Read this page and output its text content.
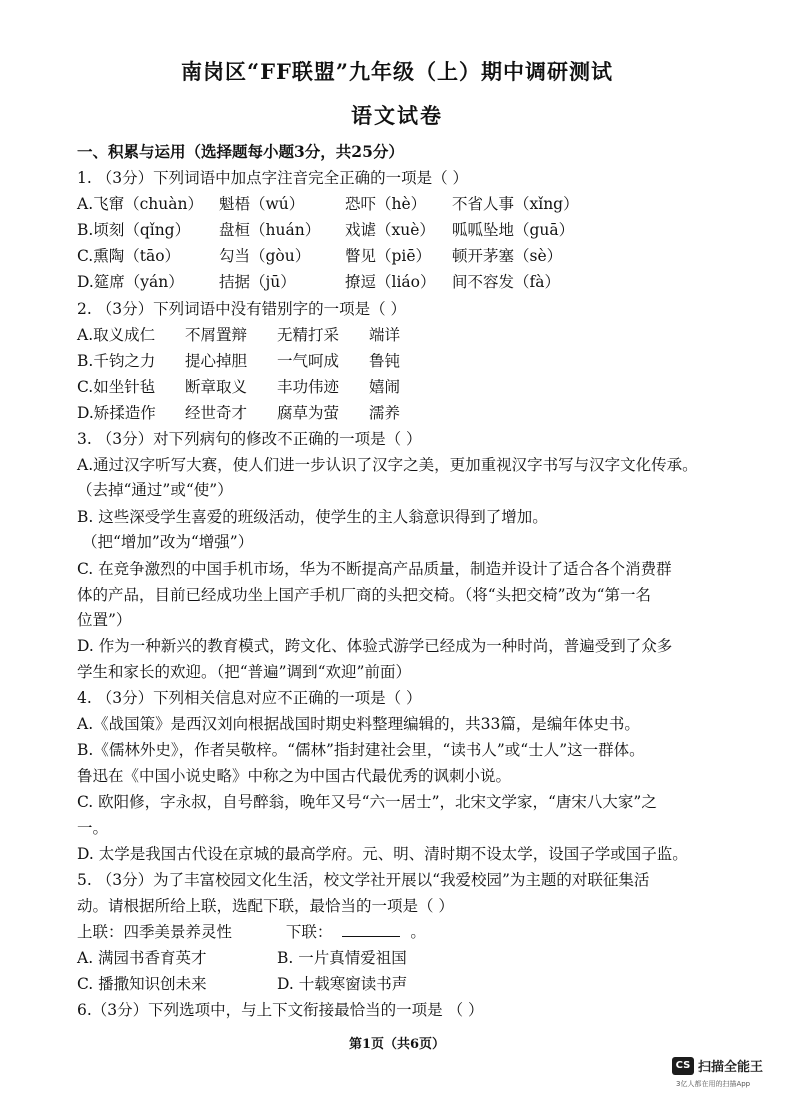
南岗区“FF联盟”九年级（上）期中调研测试
语文试卷
一、积累与运用（选择题每小题3分，共25分）
1. （3分）下列词语中加点字注音完全正确的一项是（ ）
A.飞窜（chuàn） 魁梧（wú）	恐吓（hè） 不省人事（xǐng）
B.顷刻（qǐng） 盘桓（huán） 戏谑（xuè） 呱呱坠地（guā）
C.熏陶（tāo）	勾当（gòu） 瞥见（piē） 顿开茅塞（sè）
D.筵席（yán） 拮据（jū）	撩逗（liáo） 间不容发（fà）
2. （3分）下列词语中没有错别字的一项是（ ）
A.取义成仁 不屑置辩 无精打采 端详
B.千钧之力 提心掉胆 一气呵成 鲁钝
C.如坐针毡 断章取义 丰功伟迹 嬉闹
D.矫揉造作 经世奇才 腐草为萤 濡养
3. （3分）对下列病句的修改不正确的一项是（ ）
A.通过汉字听写大赛，使人们进一步认识了汉字之美，更加重视汉字书写与汉字文化传承。
（去掉“通过”或“使”）
B. 这些深受学生喜爱的班级活动，使学生的主人翁意识得到了增加。
（把“增加”改为“增强”）
C. 在竞争激烈的中国手机市场，华为不断提高产品质量，制造并设计了适合各个消费群
体的产品，目前已经成功坐上国产手机厂商的头把交椅。（将“头把交椅”改为“第一名
位置”）
D. 作为一种新兴的教育模式，跨文化、体验式游学已经成为一种时尚，普遍受到了众多
学生和家长的欢迎。（把“普遍”调到“欢迎”前面）
4. （3分）下列相关信息对应不正确的一项是（ ）
A.《战国策》是西汉刘向根据战国时期史料整理编辑的，共33篇，是编年体史书。
B.《儒林外史》，作者吴敬梓。“儒林”指封建社会里，“读书人”或“士人”这一群体。
鲁迅在《中国小说史略》中称之为中国古代最优秀的讽刺小说。
C. 欧阳修，字永叔，自号醉翁，晚年又号“六一居士”，北宋文学家，“唐宋八大家”之
一。
D. 太学是我国古代设在京城的最高学府。元、明、清时期不设太学，设国子学或国子监。
5. （3分）为了丰富校园文化生活，校文学社开展以“我爱校园”为主题的对联征集活
动。请根据所给上联，选配下联，最恰当的一项是（ ）
上联：四季美景养灵性	下联：	。
A. 满园书香育英才	B. 一片真情爱祖国
C. 播撒知识创未来	D. 十载寒窗读书声
6.（3分）下列选项中，与上下文衔接最恰当的一项是 （ ）
第1页（共6页）
CS 扫描全能王
3亿人都在用的扫描App
